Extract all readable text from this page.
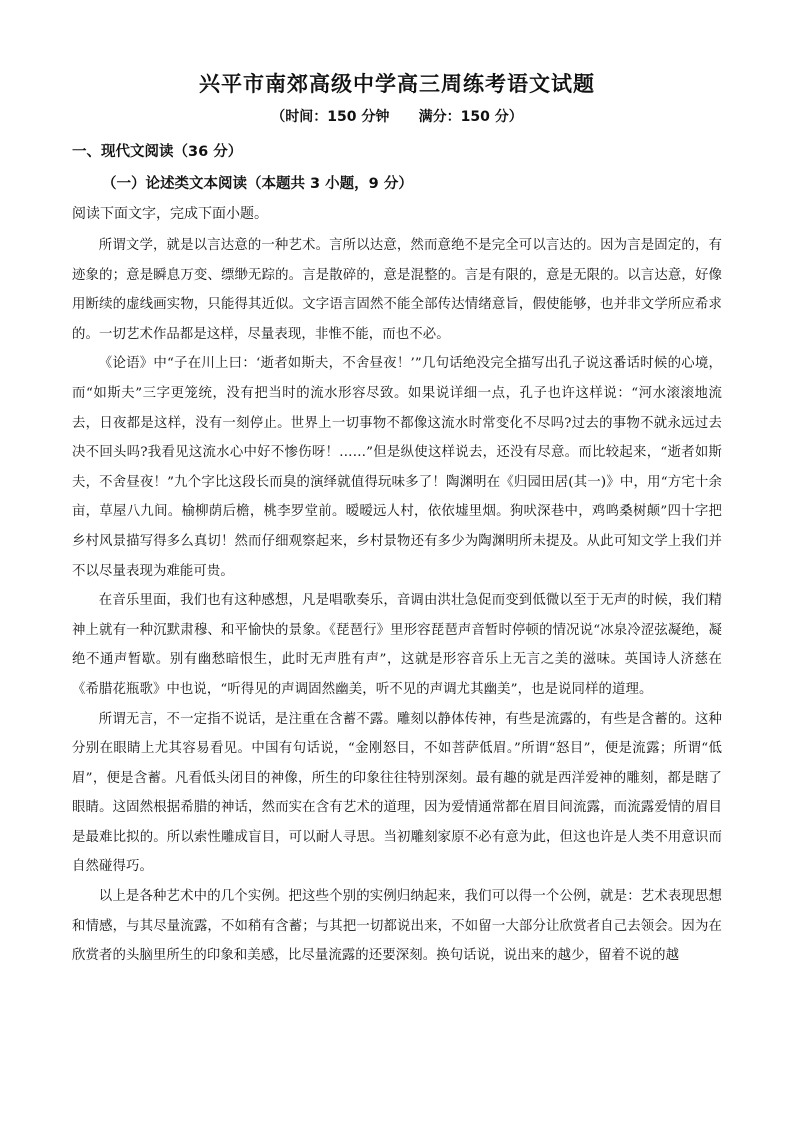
兴平市南郊高级中学高三周练考语文试题
（时间：150 分钟      满分：150 分）
一、现代文阅读（36 分）
（一）论述类文本阅读（本题共 3 小题，9 分）
阅读下面文字，完成下面小题。

所谓文学，就是以言达意的一种艺术。言所以达意，然而意绝不是完全可以言达的。因为言是固定的，有迹象的；意是瞬息万变、缥缈无踪的。言是散碎的，意是混整的。言是有限的，意是无限的。以言达意，好像用断续的虚线画实物，只能得其近似。文字语言固然不能全部传达情绪意旨，假使能够，也并非文学所应希求的。一切艺术作品都是这样，尽量表现，非惟不能，而也不必。

《论语》中“子在川上曰：‘逝者如斯夫，不舍昼夜！’”几句话绝没完全描写出孔子说这番话时候的心境，而“如斯夫”三字更笼统，没有把当时的流水形容尽致。如果说详细一点，孔子也许这样说：“河水滚滚地流去，日夜都是这样，没有一刻停止。世界上一切事物不都像这流水时常变化不尽吗?过去的事物不就永远过去决不回头吗?我看见这流水心中好不惨伤呀！……”但是纵使这样说去，还没有尽意。而比较起来，“逝者如斯夫，不舍昼夜！”九个字比这段长而臭的演绎就值得玩味多了！陶渊明在《归园田居(其一)》中，用“方宅十余亩，草屋八九间。榆柳荫后檐，桃李罗堂前。暧暧远人村，依依墟里烟。狗吠深巷中，鸡鸣桑树颠”四十字把乡村风景描写得多么真切！然而仔细观察起来，乡村景物还有多少为陶渊明所未提及。从此可知文学上我们并不以尽量表现为难能可贵。

在音乐里面，我们也有这种感想，凡是唱歌奏乐，音调由洪壮急促而变到低微以至于无声的时候，我们精神上就有一种沉默肃穆、和平愉快的景象。《琵琶行》里形容琵琶声音暂时停顿的情况说“冰泉冷涩弦凝绝，凝绝不通声暂歇。别有幽愁暗恨生，此时无声胜有声”，这就是形容音乐上无言之美的滋味。英国诗人济慈在《希腊花瓶歌》中也说，“听得见的声调固然幽美，听不见的声调尤其幽美”，也是说同样的道理。

所谓无言，不一定指不说话，是注重在含蓄不露。雕刻以静体传神，有些是流露的，有些是含蓄的。这种分别在眼睛上尤其容易看见。中国有句话说，“金刚怒目，不如菩萨低眉。”所谓“怒目”，便是流露；所谓“低眉”，便是含蓄。凡看低头闭目的神像，所生的印象往往特别深刻。最有趣的就是西洋爱神的雕刻，都是瞎了眼睛。这固然根据希腊的神话，然而实在含有艺术的道理，因为爱情通常都在眉目间流露，而流露爱情的眉目是最难比拟的。所以索性雕成盲目，可以耐人寻思。当初雕刻家原不必有意为此，但这也许是人类不用意识而自然碰得巧。

以上是各种艺术中的几个实例。把这些个别的实例归纳起来，我们可以得一个公例，就是：艺术表现思想和情感，与其尽量流露，不如稍有含蓄；与其把一切都说出来，不如留一大部分让欣赏者自己去领会。因为在欣赏者的头脑里所生的印象和美感，比尽量流露的还要深刻。换句话说，说出来的越少，留着不说的越
